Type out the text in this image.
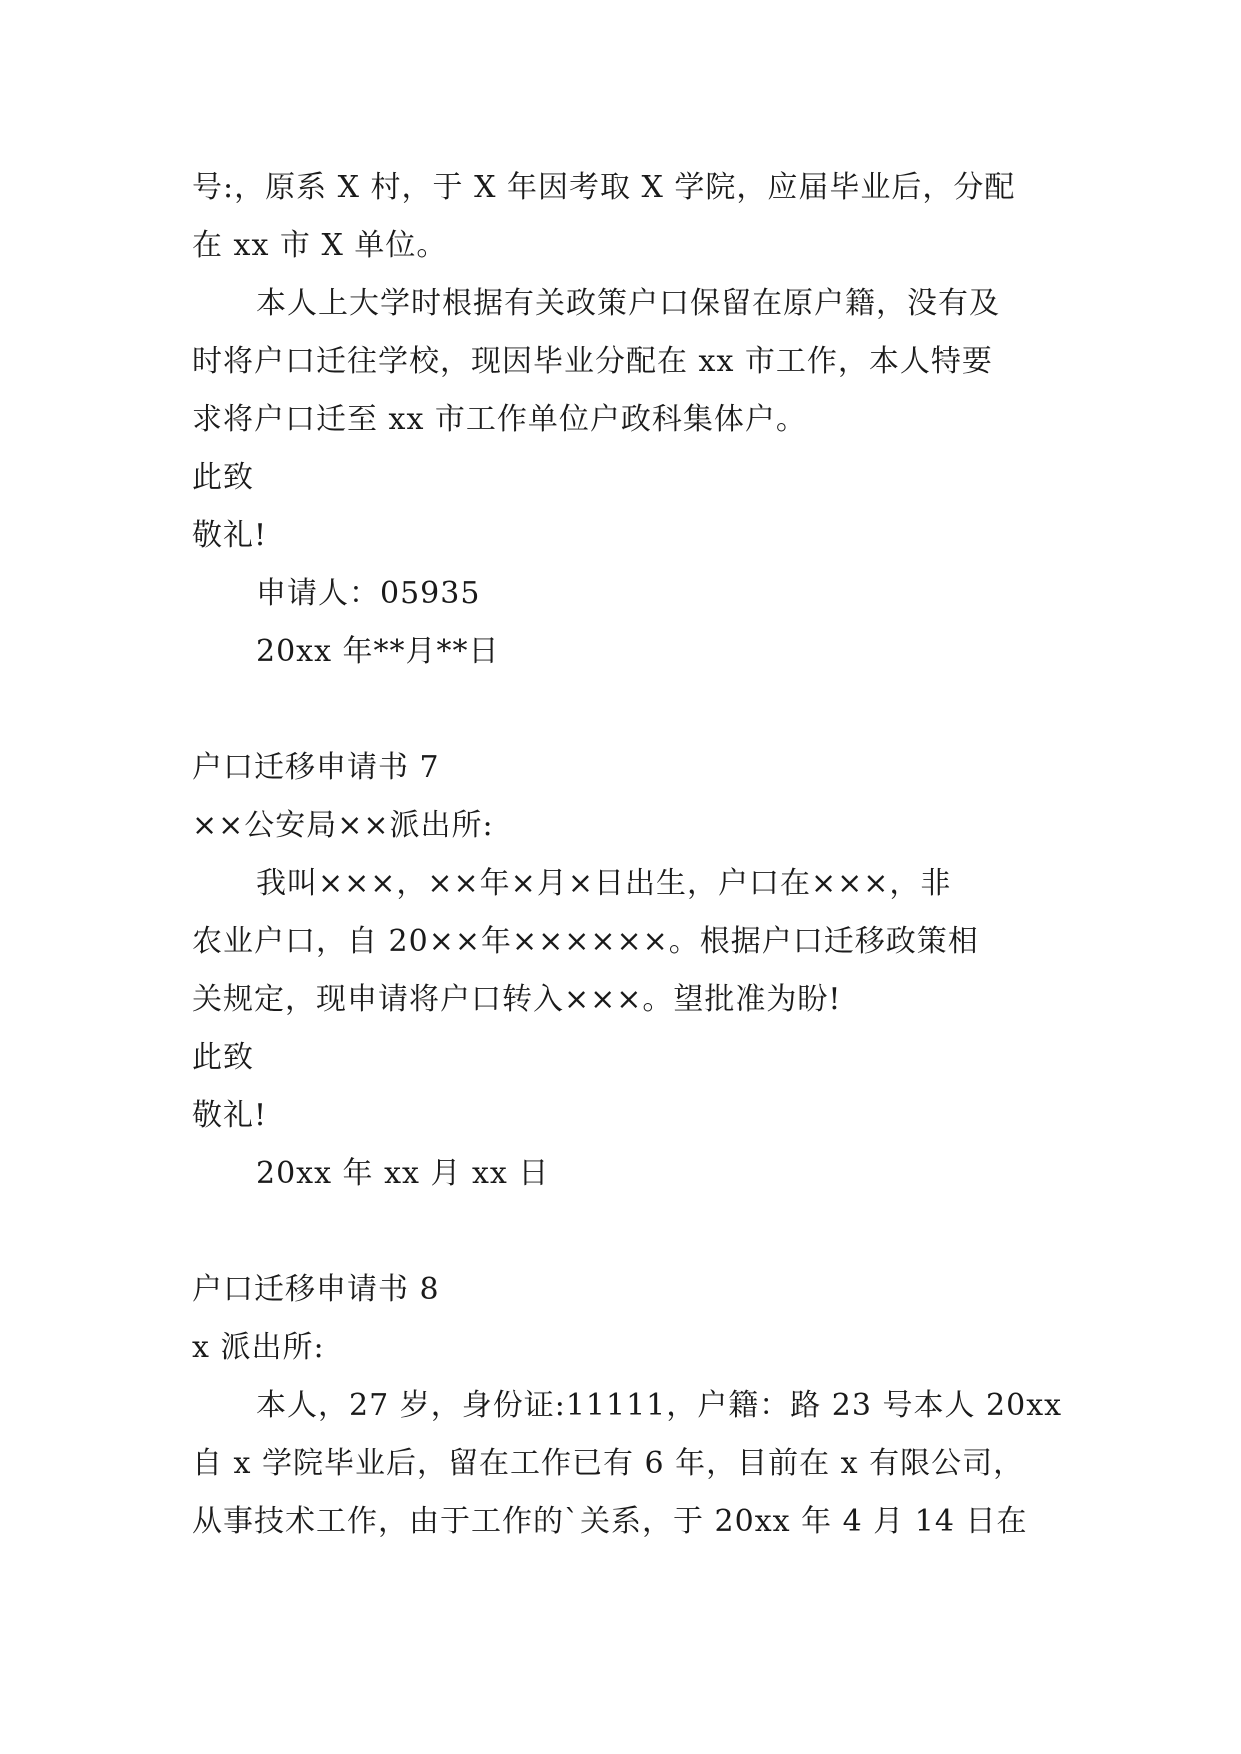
号:，原系 X 村，于 X 年因考取 X 学院，应届毕业后，分配
在 xx 市 X 单位。
本人上大学时根据有关政策户口保留在原户籍，没有及
时将户口迁往学校，现因毕业分配在 xx 市工作，本人特要
求将户口迁至 xx 市工作单位户政科集体户。
此致
敬礼!
申请人：05935
20xx 年**月**日
户口迁移申请书 7
××公安局××派出所:
我叫×××，××年×月×日出生，户口在×××，非
农业户口，自 20××年××××××。根据户口迁移政策相
关规定，现申请将户口转入×××。望批准为盼!
此致
敬礼!
20xx 年 xx 月 xx 日
户口迁移申请书 8
x 派出所:
本人，27 岁，身份证:11111，户籍：路 23 号本人 20xx
自 x 学院毕业后，留在工作已有 6 年，目前在 x 有限公司，
从事技术工作，由于工作的`关系，于 20xx 年 4 月 14 日在
